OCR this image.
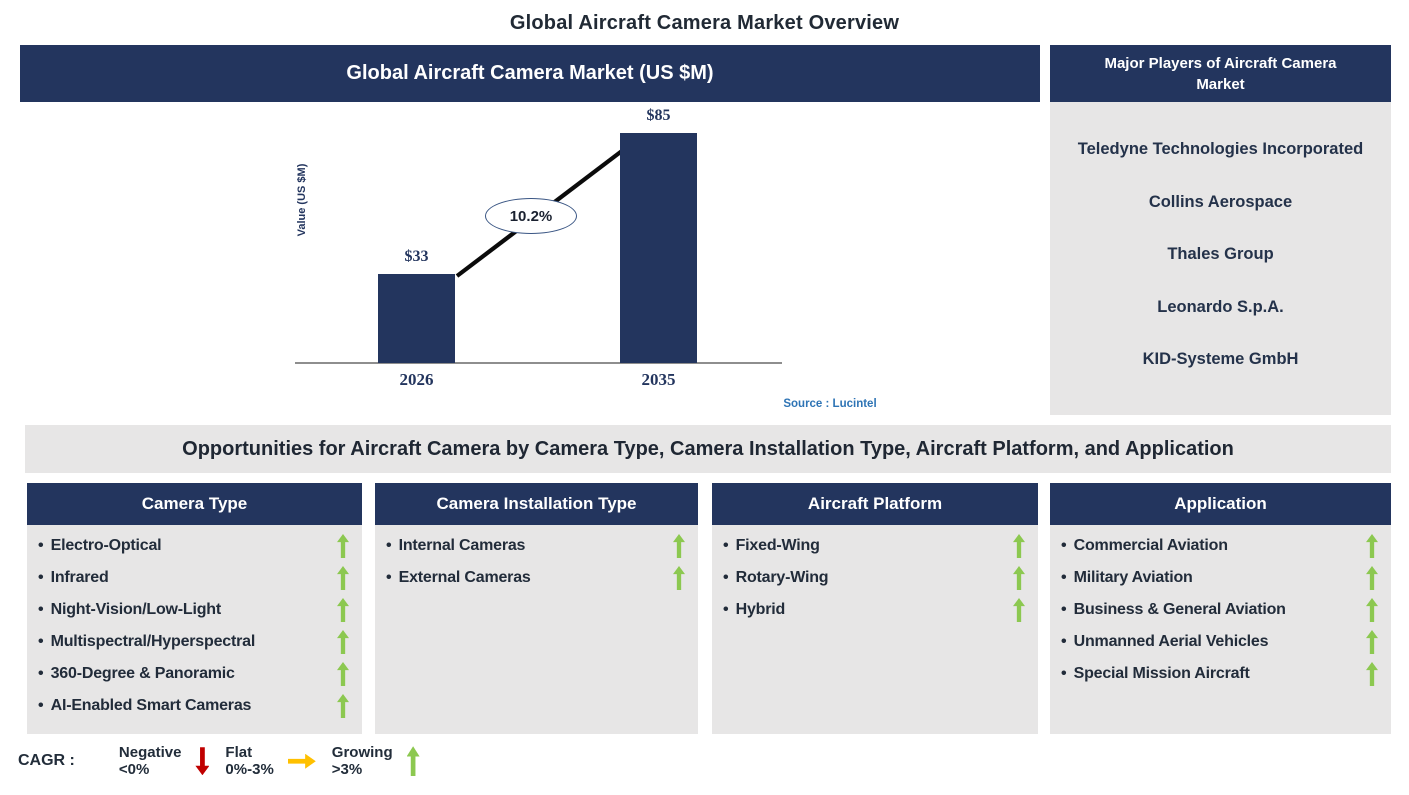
Global Aircraft Camera Market Overview
Global Aircraft Camera Market (US $M)
Value (US $M)
$33
$85
2026	2035
10.2%
Source : Lucintel
Major Players of Aircraft Camera Market
Teledyne Technologies Incorporated
Collins Aerospace
Thales Group
Leonardo S.p.A.
KID-Systeme GmbH
Opportunities for Aircraft Camera by Camera Type, Camera Installation Type, Aircraft Platform, and Application
Camera Type
•
Electro-Optical
•
Infrared
•
Night-Vision/Low-Light
•
Multispectral/Hyperspectral
•
360-Degree & Panoramic
•
AI-Enabled Smart Cameras
Camera Installation Type
•
Internal Cameras
•
External Cameras
Aircraft Platform
•
Fixed-Wing
•
Rotary-Wing
•
Hybrid
Application
•
Commercial Aviation
•
Military Aviation
•
Business & General Aviation
•
Unmanned Aerial Vehicles
•
Special Mission Aircraft
CAGR :	Negative
<0%
Flat
0%-3%
Growing
>3%
